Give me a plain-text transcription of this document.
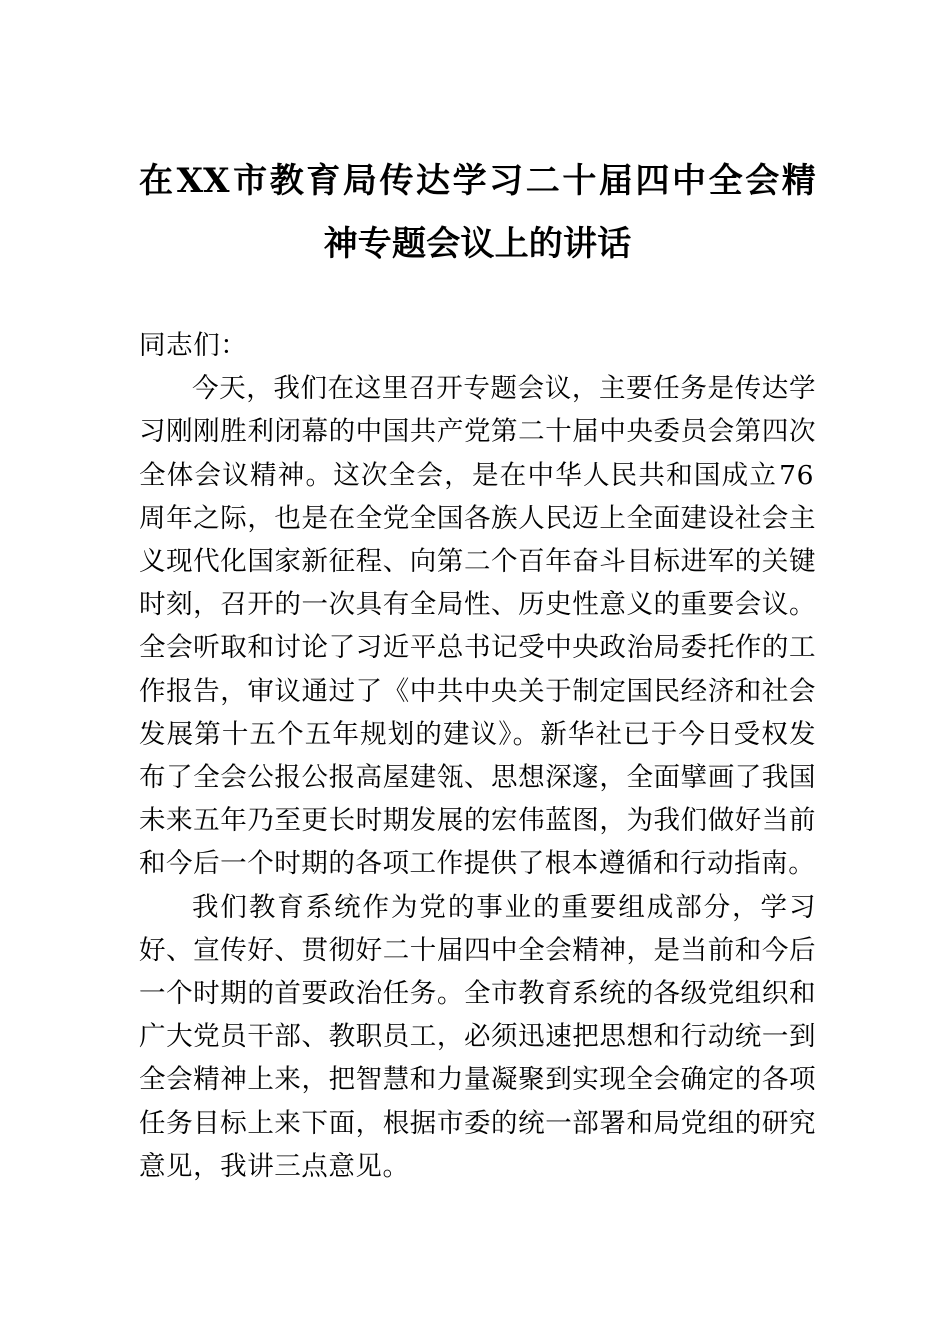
在XX市教育局传达学习二十届四中全会精
神专题会议上的讲话

同志们：

今天，我们在这里召开专题会议，主要任务是传达学习刚刚胜利闭幕的中国共产党第二十届中央委员会第四次全体会议精神。这次全会，是在中华人民共和国成立76周年之际，也是在全党全国各族人民迈上全面建设社会主义现代化国家新征程、向第二个百年奋斗目标进军的关键时刻，召开的一次具有全局性、历史性意义的重要会议。全会听取和讨论了习近平总书记受中央政治局委托作的工作报告，审议通过了《中共中央关于制定国民经济和社会发展第十五个五年规划的建议》。新华社已于今日受权发布了全会公报公报高屋建瓴、思想深邃，全面擘画了我国未来五年乃至更长时期发展的宏伟蓝图，为我们做好当前和今后一个时期的各项工作提供了根本遵循和行动指南。

我们教育系统作为党的事业的重要组成部分，学习好、宣传好、贯彻好二十届四中全会精神，是当前和今后一个时期的首要政治任务。全市教育系统的各级党组织和广大党员干部、教职员工，必须迅速把思想和行动统一到全会精神上来，把智慧和力量凝聚到实现全会确定的各项任务目标上来下面，根据市委的统一部署和局党组的研究意见，我讲三点意见。
